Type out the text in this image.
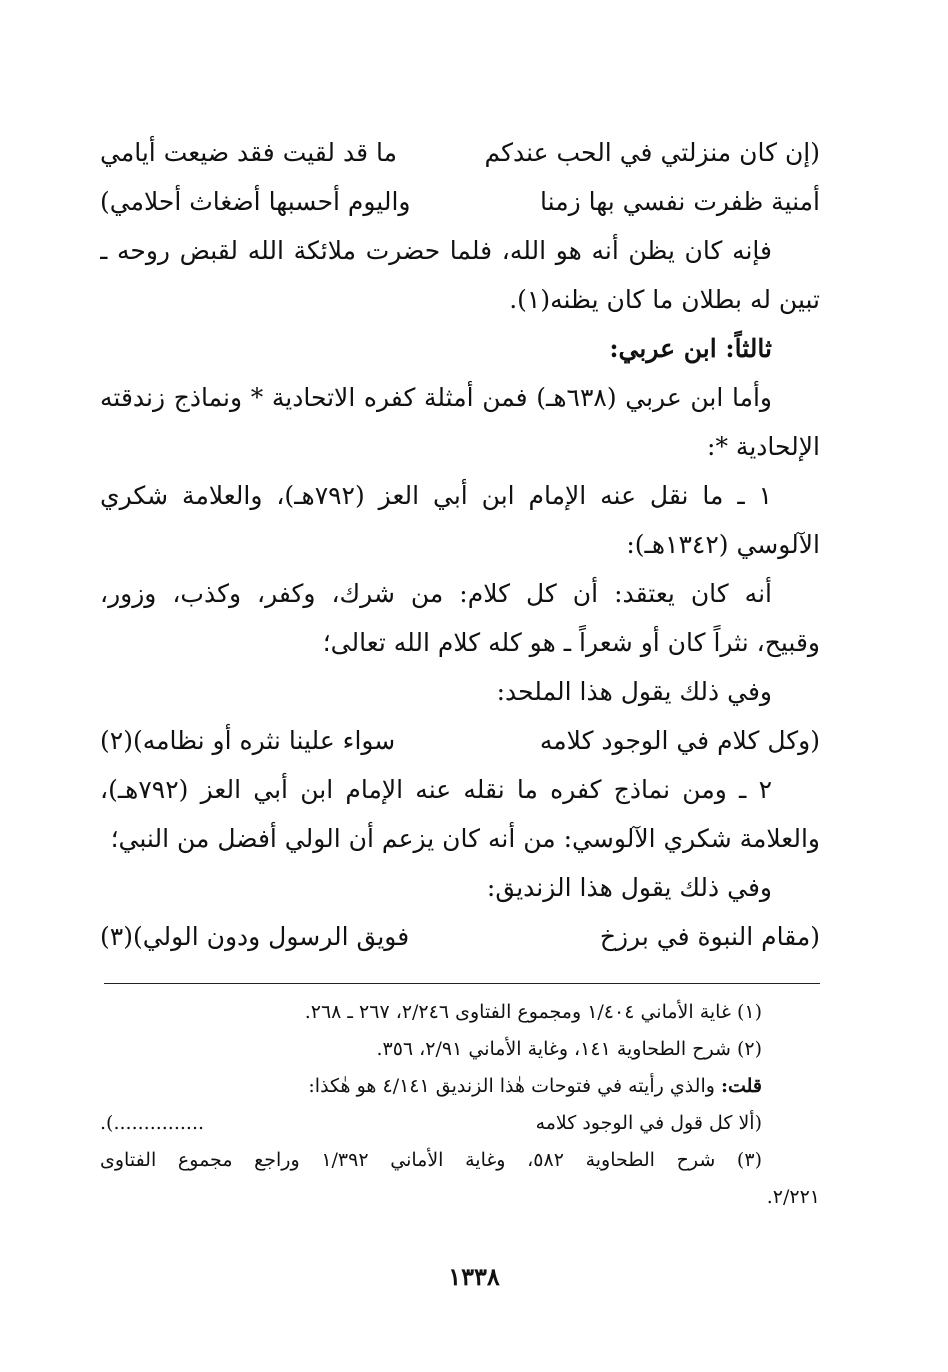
(إن كان منزلتي في الحب عندكم
ما قد لقيت فقد ضيعت أيامي
أمنية ظفرت نفسي بها زمنا
واليوم أحسبها أضغاث أحلامي)
فإنه كان يظن أنه هو الله، فلما حضرت ملائكة الله لقبض روحه ـ
تبين له بطلان ما كان يظنه(١).
ثالثاً: ابن عربي:
وأما ابن عربي (٦٣٨هـ) فمن أمثلة كفره الاتحادية * ونماذج زندقته
الإلحادية *:
١ ـ ما نقل عنه الإمام ابن أبي العز (٧٩٢هـ)، والعلامة شكري
الآلوسي (١٣٤٢هـ):
أنه كان يعتقد: أن كل كلام: من شرك، وكفر، وكذب، وزور،
وقبيح، نثراً كان أو شعراً ـ هو كله كلام الله تعالى؛
وفي ذلك يقول هذا الملحد:
(وكل كلام في الوجود كلامه
سواء علينا نثره أو نظامه)(٢)
٢ ـ ومن نماذج كفره ما نقله عنه الإمام ابن أبي العز (٧٩٢هـ)،
والعلامة شكري الآلوسي: من أنه كان يزعم أن الولي أفضل من النبي؛
وفي ذلك يقول هذا الزنديق:
(مقام النبوة في برزخ
فويق الرسول ودون الولي)(٣)
(١) غاية الأماني ١/٤٠٤ ومجموع الفتاوى ٢/٢٤٦، ٢٦٧ ـ ٢٦٨.
(٢) شرح الطحاوية ١٤١، وغاية الأماني ٢/٩١، ٣٥٦.
قلت: والذي رأيته في فتوحات هٰذا الزنديق ٤/١٤١ هو هٰكذا:
(ألا كل قول في الوجود كلامه
...............).
(٣) شرح الطحاوية ٥٨٢، وغاية الأماني ١/٣٩٢ وراجع مجموع الفتاوى
٢/٢٢١.
١٣٣٨
